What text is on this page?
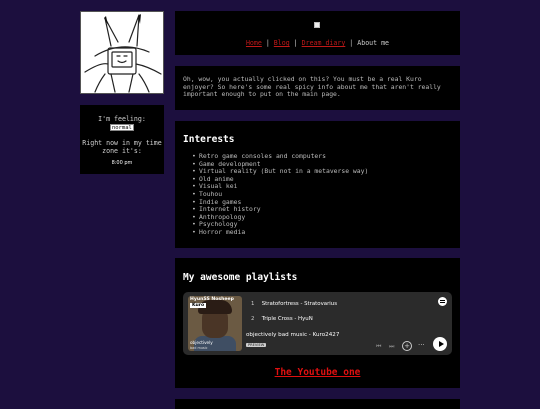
I'm feeling:
normal
Right now in my time zone it's:
8:00 pm
Home | Blog | Dream diary | About me
Oh, wow, you actually clicked on this? You must be a real Kuro enjoyer? So here's some real spicy info about me that aren't really important enough to put on the main page.
Interests
• Retro game consoles and computers
• Game development
• Virtual reality (But not in a metaverse way)
• Old anime
• Visual kei
• Touhou
• Indie games
• Internet history
• Anthropology
• Psychology
• Horror media
My awesome playlists
HyunSS Nosheep
Kuro
objectively
bad music
1 Stratofortress - Stratovarius
2 Triple Cross - HyuN
objectively bad music - Kuro2427
PREVIEW	⏮ ⏭ + ···
The Youtube one
